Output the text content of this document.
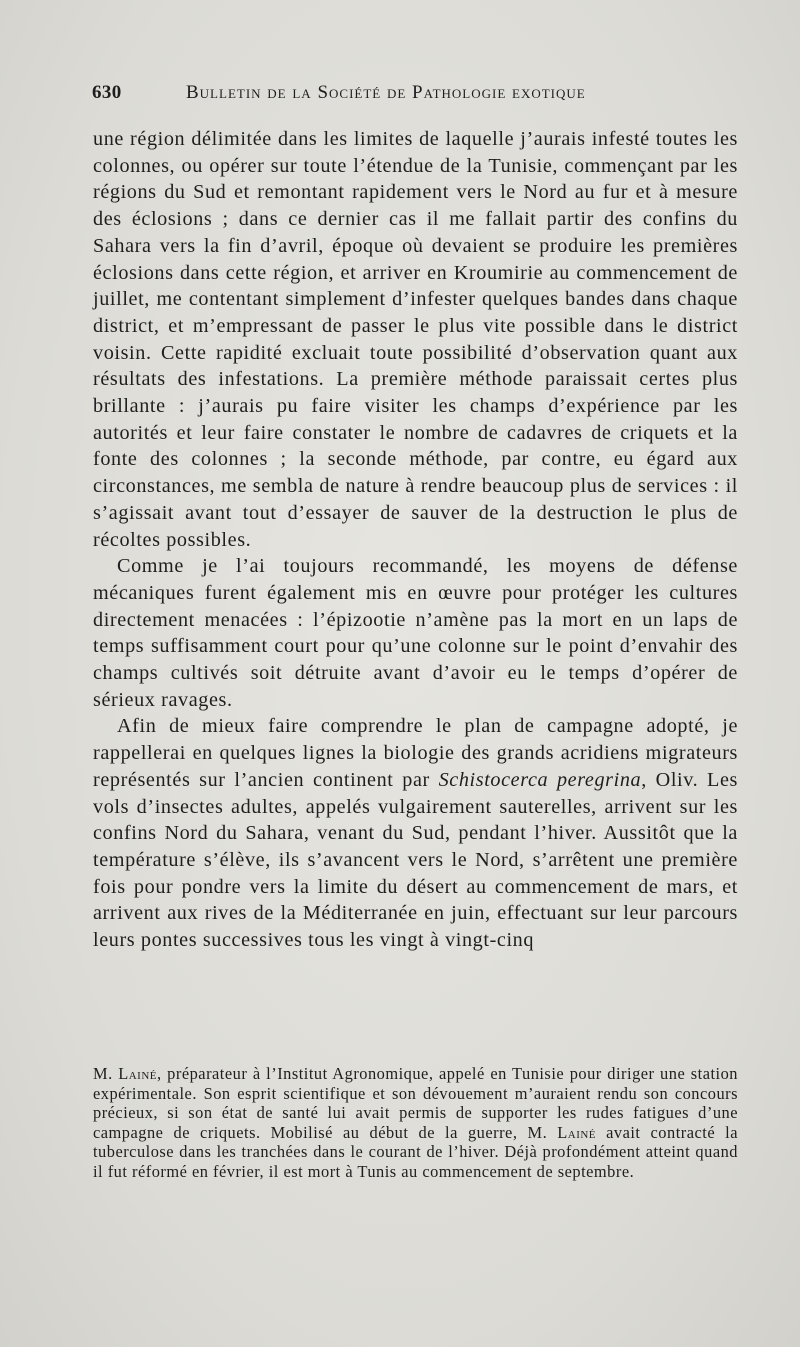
630	Bulletin de la Société de Pathologie exotique

une région délimitée dans les limites de laquelle j’aurais infesté toutes les colonnes, ou opérer sur toute l’étendue de la Tunisie, commençant par les régions du Sud et remontant rapidement vers le Nord au fur et à mesure des éclosions ; dans ce dernier cas il me fallait partir des confins du Sahara vers la fin d’avril, époque où devaient se produire les premières éclosions dans cette région, et arriver en Kroumirie au commencement de juillet, me contentant simplement d’infester quelques bandes dans chaque district, et m’empressant de passer le plus vite possible dans le district voisin. Cette rapidité excluait toute possibilité d’observation quant aux résultats des infestations. La première méthode paraissait certes plus brillante : j’aurais pu faire visiter les champs d’expérience par les autorités et leur faire constater le nombre de cadavres de criquets et la fonte des colonnes ; la seconde méthode, par contre, eu égard aux circonstances, me sembla de nature à rendre beaucoup plus de services : il s’agissait avant tout d’essayer de sauver de la destruction le plus de récoltes possibles.

Comme je l’ai toujours recommandé, les moyens de défense mécaniques furent également mis en œuvre pour protéger les cultures directement menacées : l’épizootie n’amène pas la mort en un laps de temps suffisamment court pour qu’une colonne sur le point d’envahir des champs cultivés soit détruite avant d’avoir eu le temps d’opérer de sérieux ravages.

Afin de mieux faire comprendre le plan de campagne adopté, je rappellerai en quelques lignes la biologie des grands acridiens migrateurs représentés sur l’ancien continent par Schistocerca peregrina, Oliv. Les vols d’insectes adultes, appelés vulgairement sauterelles, arrivent sur les confins Nord du Sahara, venant du Sud, pendant l’hiver. Aussitôt que la température s’élève, ils s’avancent vers le Nord, s’arrêtent une première fois pour pondre vers la limite du désert au commencement de mars, et arrivent aux rives de la Méditerranée en juin, effectuant sur leur parcours leurs pontes successives tous les vingt à vingt-cinq

M. Lainé, préparateur à l’Institut Agronomique, appelé en Tunisie pour diriger une station expérimentale. Son esprit scientifique et son dévouement m’auraient rendu son concours précieux, si son état de santé lui avait permis de supporter les rudes fatigues d’une campagne de criquets. Mobilisé au début de la guerre, M. Lainé avait contracté la tuberculose dans les tranchées dans le courant de l’hiver. Déjà profondément atteint quand il fut réformé en février, il est mort à Tunis au commencement de septembre.
